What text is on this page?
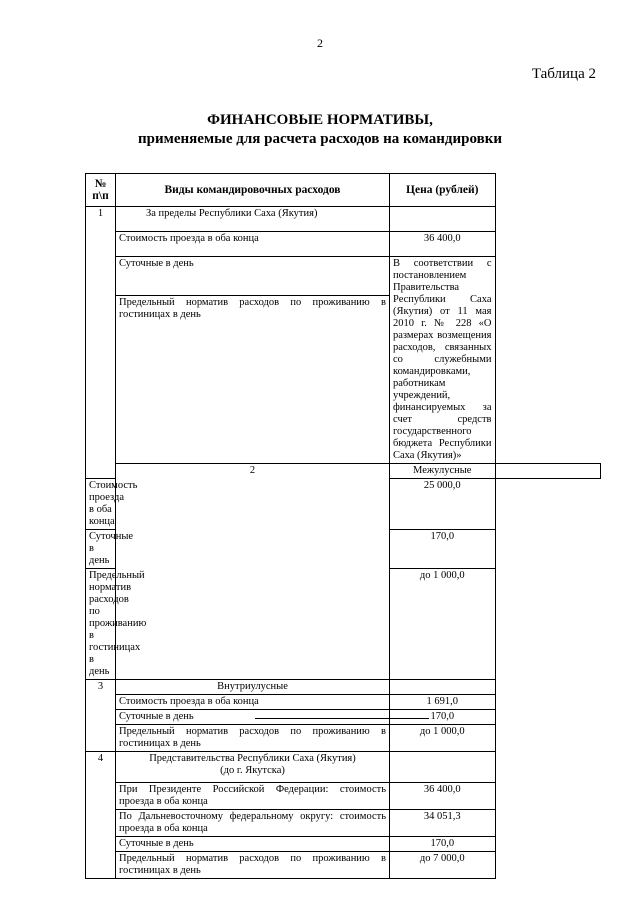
2
Таблица 2
ФИНАНСОВЫЕ НОРМАТИВЫ,
применяемые для расчета расходов на командировки
№ п\п	Виды командировочных расходов	Цена (рублей)	
1	За пределы Республики Саха (Якутия)		
	Стоимость проезда в оба конца	36 400,0	
	Суточные в день	В соответствии с постановлением Правительства Республики Саха (Якутия) от 11 мая 2010 г. № 228 «О размерах возмещения расходов, связанных со служебными командировками, работникам учреждений, финансируемых за счет средств государственного бюджета Республики Саха (Якутия)»	
	Предельный норматив расходов по проживанию в гостиницах в день		
	2	Межулусные	
Стоимость проезда в оба конца		25 000,0	
Суточные в день		170,0	
Предельный норматив расходов по проживанию в гостиницах в день		до 1 000,0	
3	Внутриулусные		
	Стоимость проезда в оба конца	1 691,0	
	Суточные в день	170,0	
	Предельный норматив расходов по проживанию в гостиницах в день	до 1 000,0	
4	Представительства Республики Саха (Якутия)
(до г. Якутска)		

	При Президенте Российской Федерации: стоимость проезда в оба конца	36 400,0	
	По Дальневосточному федеральному округу: стоимость проезда в оба конца	34 051,3	
	Суточные в день	170,0	
	Предельный норматив расходов по проживанию в гостиницах в день	до 7 000,0	
